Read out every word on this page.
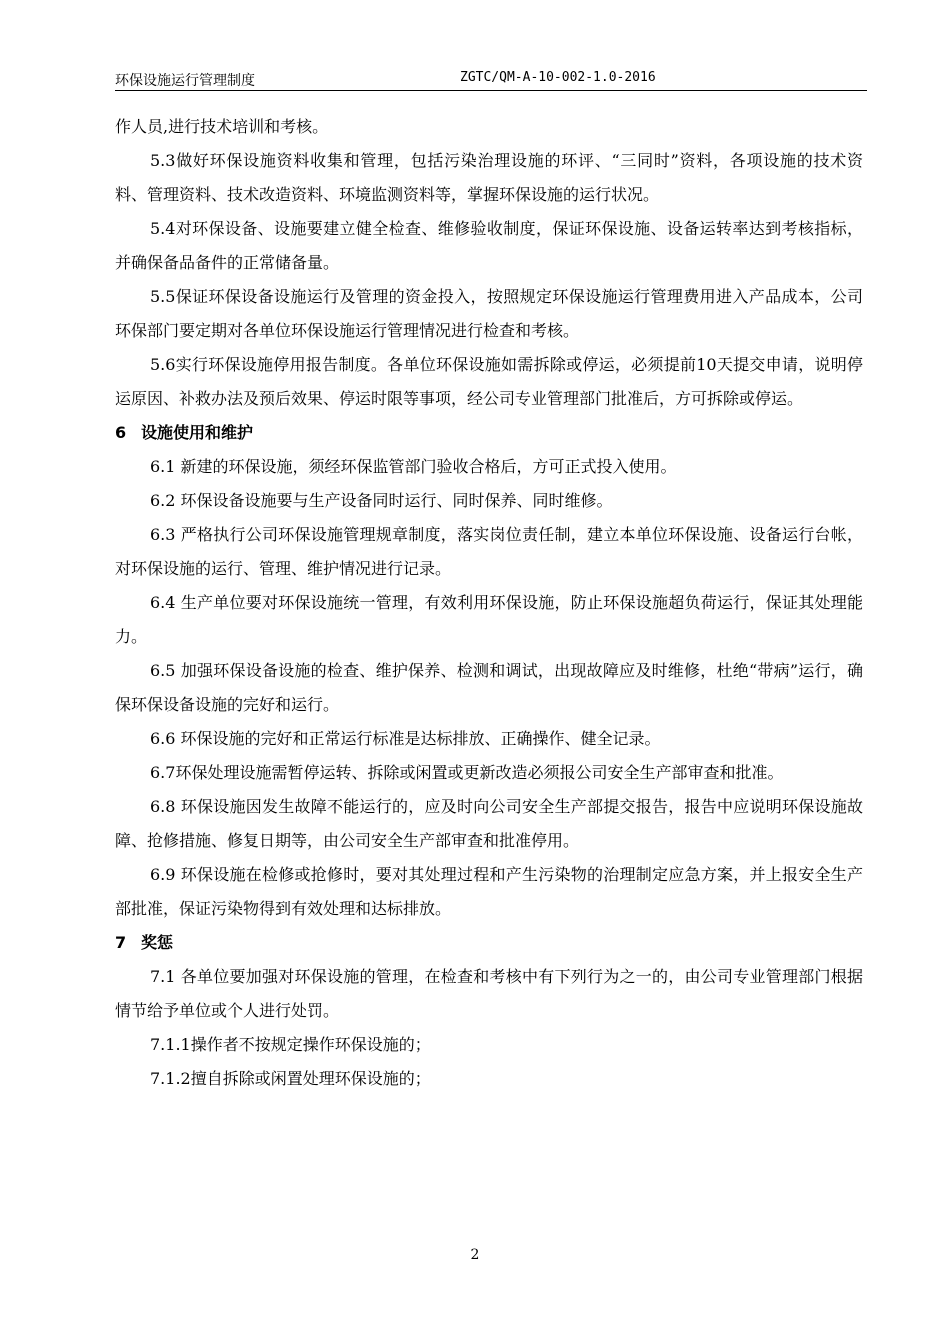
环保设施运行管理制度	ZGTC/QM-A-10-002-1.0-2016

作人员,进行技术培训和考核。

5.3做好环保设施资料收集和管理，包括污染治理设施的环评、“三同时”资料，各项设施的技术资料、管理资料、技术改造资料、环境监测资料等，掌握环保设施的运行状况。

5.4对环保设备、设施要建立健全检查、维修验收制度，保证环保设施、设备运转率达到考核指标，并确保备品备件的正常储备量。

5.5保证环保设备设施运行及管理的资金投入，按照规定环保设施运行管理费用进入产品成本，公司环保部门要定期对各单位环保设施运行管理情况进行检查和考核。

5.6实行环保设施停用报告制度。各单位环保设施如需拆除或停运，必须提前10天提交申请，说明停运原因、补救办法及预后效果、停运时限等事项，经公司专业管理部门批准后，方可拆除或停运。

6 设施使用和维护

6.1 新建的环保设施，须经环保监管部门验收合格后，方可正式投入使用。

6.2 环保设备设施要与生产设备同时运行、同时保养、同时维修。

6.3 严格执行公司环保设施管理规章制度，落实岗位责任制，建立本单位环保设施、设备运行台帐，对环保设施的运行、管理、维护情况进行记录。

6.4 生产单位要对环保设施统一管理，有效利用环保设施，防止环保设施超负荷运行，保证其处理能力。

6.5 加强环保设备设施的检查、维护保养、检测和调试，出现故障应及时维修，杜绝“带病”运行，确保环保设备设施的完好和运行。

6.6 环保设施的完好和正常运行标准是达标排放、正确操作、健全记录。

6.7环保处理设施需暂停运转、拆除或闲置或更新改造必须报公司安全生产部审查和批准。

6.8 环保设施因发生故障不能运行的，应及时向公司安全生产部提交报告，报告中应说明环保设施故障、抢修措施、修复日期等，由公司安全生产部审查和批准停用。

6.9 环保设施在检修或抢修时，要对其处理过程和产生污染物的治理制定应急方案，并上报安全生产部批准，保证污染物得到有效处理和达标排放。

7 奖惩

7.1 各单位要加强对环保设施的管理，在检查和考核中有下列行为之一的，由公司专业管理部门根据情节给予单位或个人进行处罚。

7.1.1操作者不按规定操作环保设施的；

7.1.2擅自拆除或闲置处理环保设施的；

2
